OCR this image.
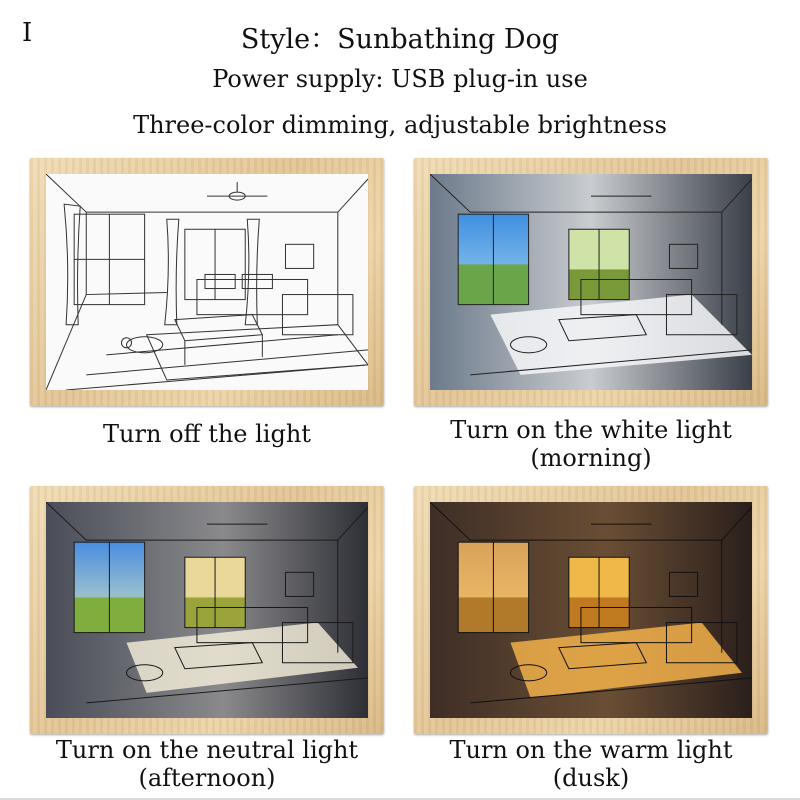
I	Style：Sunbathing Dog
Power supply: USB plug-in use
Three-color dimming, adjustable brightness
Turn off the light	Turn on the white light
(morning)
Turn on the neutral light
(afternoon)
Turn on the warm light
(dusk)
